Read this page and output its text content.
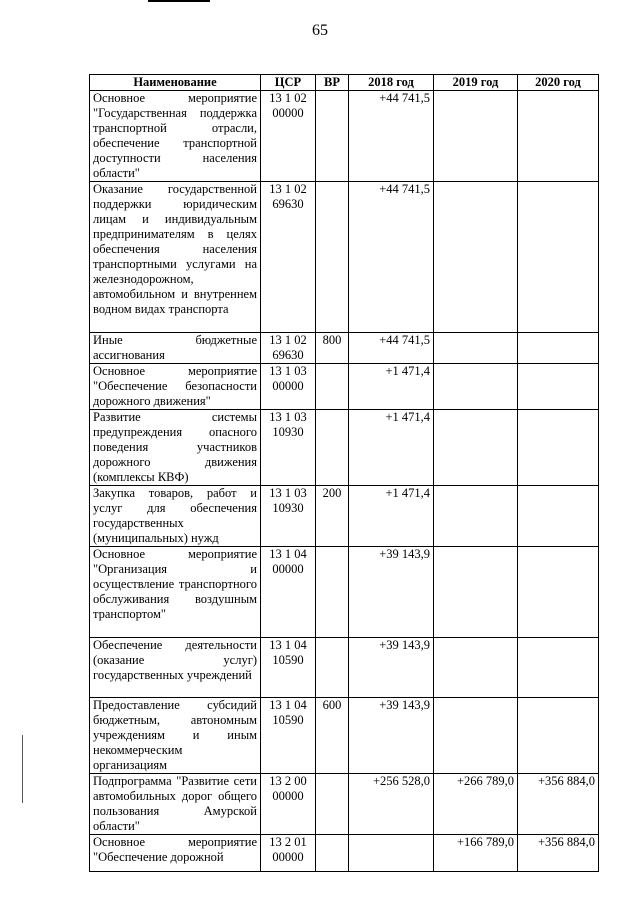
65
Наименование	ЦСР	ВР	2018 год	2019 год	2020 год
Основное мероприятие "Государственная поддержка транспортной отрасли, обеспечение транспортной доступности населения области"	13 1 02 00000		+44 741,5		
Оказание государственной поддержки юридическим лицам и индивидуальным предпринимателям в целях обеспечения населения транспортными услугами на железнодорожном, автомобильном и внутреннем водном видах транспорта	13 1 02 69630		+44 741,5		
Иные бюджетные ассигнования	13 1 02 69630	800	+44 741,5		
Основное мероприятие "Обеспечение безопасности дорожного движения"	13 1 03 00000		+1 471,4		
Развитие системы предупреждения опасного поведения участников дорожного движения (комплексы КВФ)	13 1 03 10930		+1 471,4		
Закупка товаров, работ и услуг для обеспечения государственных (муниципальных) нужд	13 1 03 10930	200	+1 471,4		
Основное мероприятие "Организация и осуществление транспортного обслуживания воздушным транспортом"	13 1 04 00000		+39 143,9		
Обеспечение деятельности (оказание услуг) государственных учреждений	13 1 04 10590		+39 143,9		
Предоставление субсидий бюджетным, автономным учреждениям и иным некоммерческим организациям	13 1 04 10590	600	+39 143,9		
Подпрограмма "Развитие сети автомобильных дорог общего пользования Амурской области"	13 2 00 00000		+256 528,0	+266 789,0	+356 884,0
Основное мероприятие "Обеспечение дорожной	13 2 01 00000			+166 789,0	+356 884,0
